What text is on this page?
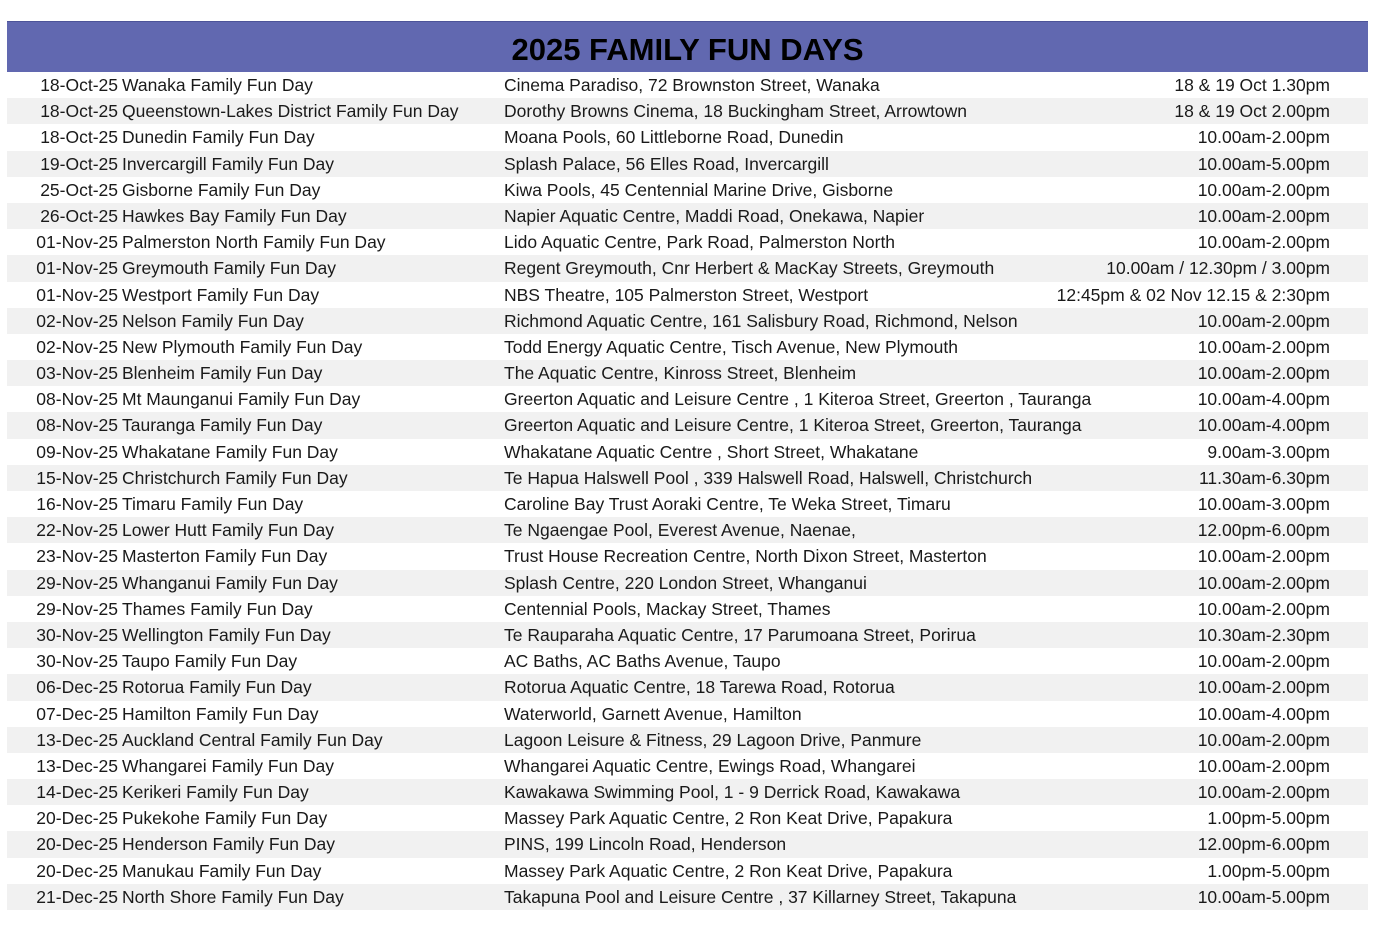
2025 FAMILY FUN DAYS
18-Oct-25 Wanaka Family Fun Day	Cinema Paradiso, 72 Brownston Street, Wanaka	18 & 19 Oct 1.30pm
18-Oct-25 Queenstown-Lakes District Family Fun Day	Dorothy Browns Cinema, 18 Buckingham Street, Arrowtown	18 & 19 Oct 2.00pm
18-Oct-25 Dunedin Family Fun Day	Moana Pools, 60 Littleborne Road, Dunedin	10.00am-2.00pm
19-Oct-25 Invercargill Family Fun Day	Splash Palace, 56 Elles Road, Invercargill	10.00am-5.00pm
25-Oct-25 Gisborne Family Fun Day	Kiwa Pools, 45 Centennial Marine Drive, Gisborne	10.00am-2.00pm
26-Oct-25 Hawkes Bay Family Fun Day	Napier Aquatic Centre, Maddi Road, Onekawa, Napier	10.00am-2.00pm
01-Nov-25 Palmerston North Family Fun Day	Lido Aquatic Centre, Park Road, Palmerston North	10.00am-2.00pm
01-Nov-25 Greymouth Family Fun Day	Regent Greymouth, Cnr Herbert & MacKay Streets, Greymouth	10.00am / 12.30pm / 3.00pm
01-Nov-25 Westport Family Fun Day	NBS Theatre, 105 Palmerston Street, Westport	12:45pm & 02 Nov 12.15 & 2:30pm
02-Nov-25 Nelson Family Fun Day	Richmond Aquatic Centre, 161 Salisbury Road, Richmond, Nelson	10.00am-2.00pm
02-Nov-25 New Plymouth Family Fun Day	Todd Energy Aquatic Centre, Tisch Avenue, New Plymouth	10.00am-2.00pm
03-Nov-25 Blenheim Family Fun Day	The Aquatic Centre, Kinross Street, Blenheim	10.00am-2.00pm
08-Nov-25 Mt Maunganui Family Fun Day	Greerton Aquatic and Leisure Centre , 1 Kiteroa Street, Greerton , Tauranga	10.00am-4.00pm
08-Nov-25 Tauranga Family Fun Day	Greerton Aquatic and Leisure Centre, 1 Kiteroa Street, Greerton, Tauranga	10.00am-4.00pm
09-Nov-25 Whakatane Family Fun Day	Whakatane Aquatic Centre , Short Street, Whakatane	9.00am-3.00pm
15-Nov-25 Christchurch Family Fun Day	Te Hapua Halswell Pool , 339 Halswell Road, Halswell, Christchurch	11.30am-6.30pm
16-Nov-25 Timaru Family Fun Day	Caroline Bay Trust Aoraki Centre, Te Weka Street, Timaru	10.00am-3.00pm
22-Nov-25 Lower Hutt Family Fun Day	Te Ngaengae Pool, Everest Avenue, Naenae,	12.00pm-6.00pm
23-Nov-25 Masterton Family Fun Day	Trust House Recreation Centre, North Dixon Street, Masterton	10.00am-2.00pm
29-Nov-25 Whanganui Family Fun Day	Splash Centre, 220 London Street, Whanganui	10.00am-2.00pm
29-Nov-25 Thames Family Fun Day	Centennial Pools, Mackay Street, Thames	10.00am-2.00pm
30-Nov-25 Wellington Family Fun Day	Te Rauparaha Aquatic Centre, 17 Parumoana Street, Porirua	10.30am-2.30pm
30-Nov-25 Taupo Family Fun Day	AC Baths, AC Baths Avenue, Taupo	10.00am-2.00pm
06-Dec-25 Rotorua Family Fun Day	Rotorua Aquatic Centre, 18 Tarewa Road, Rotorua	10.00am-2.00pm
07-Dec-25 Hamilton Family Fun Day	Waterworld, Garnett Avenue, Hamilton	10.00am-4.00pm
13-Dec-25 Auckland Central Family Fun Day	Lagoon Leisure & Fitness, 29 Lagoon Drive, Panmure	10.00am-2.00pm
13-Dec-25 Whangarei Family Fun Day	Whangarei Aquatic Centre, Ewings Road, Whangarei	10.00am-2.00pm
14-Dec-25 Kerikeri Family Fun Day	Kawakawa Swimming Pool, 1 - 9 Derrick Road, Kawakawa	10.00am-2.00pm
20-Dec-25 Pukekohe Family Fun Day	Massey Park Aquatic Centre, 2 Ron Keat Drive, Papakura	1.00pm-5.00pm
20-Dec-25 Henderson Family Fun Day	PINS, 199 Lincoln Road, Henderson	12.00pm-6.00pm
20-Dec-25 Manukau Family Fun Day	Massey Park Aquatic Centre, 2 Ron Keat Drive, Papakura	1.00pm-5.00pm
21-Dec-25 North Shore Family Fun Day	Takapuna Pool and Leisure Centre , 37 Killarney Street, Takapuna	10.00am-5.00pm
